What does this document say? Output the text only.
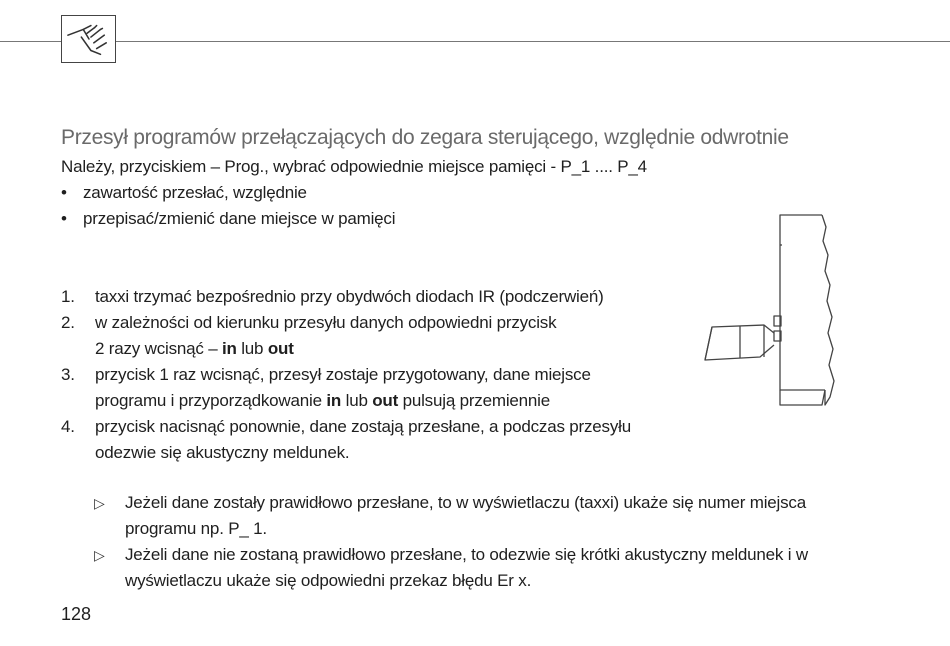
Przesył programów przełączających do zegara sterującego, względnie odwrotnie
Należy, przyciskiem – Prog., wybrać odpowiednie miejsce pamięci - P_1 .... P_4
• zawartość przesłać, względnie
• przepisać/zmienić dane miejsce w pamięci
1. taxxi trzymać bezpośrednio przy obydwóch diodach IR (podczerwień)
2. w zależności od kierunku przesyłu danych odpowiedni przycisk
2 razy wcisnąć – in lub out
3. przycisk 1 raz wcisnąć, przesył zostaje przygotowany, dane miejsce
programu i przyporządkowanie in lub out pulsują przemiennie
4. przycisk nacisnąć ponownie, dane zostają przesłane, a podczas przesyłu
odezwie się akustyczny meldunek.
▷ Jeżeli dane zostały prawidłowo przesłane, to w wyświetlaczu (taxxi) ukaże się numer miejsca
programu np. P_ 1.
▷ Jeżeli dane nie zostaną prawidłowo przesłane, to odezwie się krótki akustyczny meldunek i w
wyświetlaczu ukaże się odpowiedni przekaz błędu Er x.
128
